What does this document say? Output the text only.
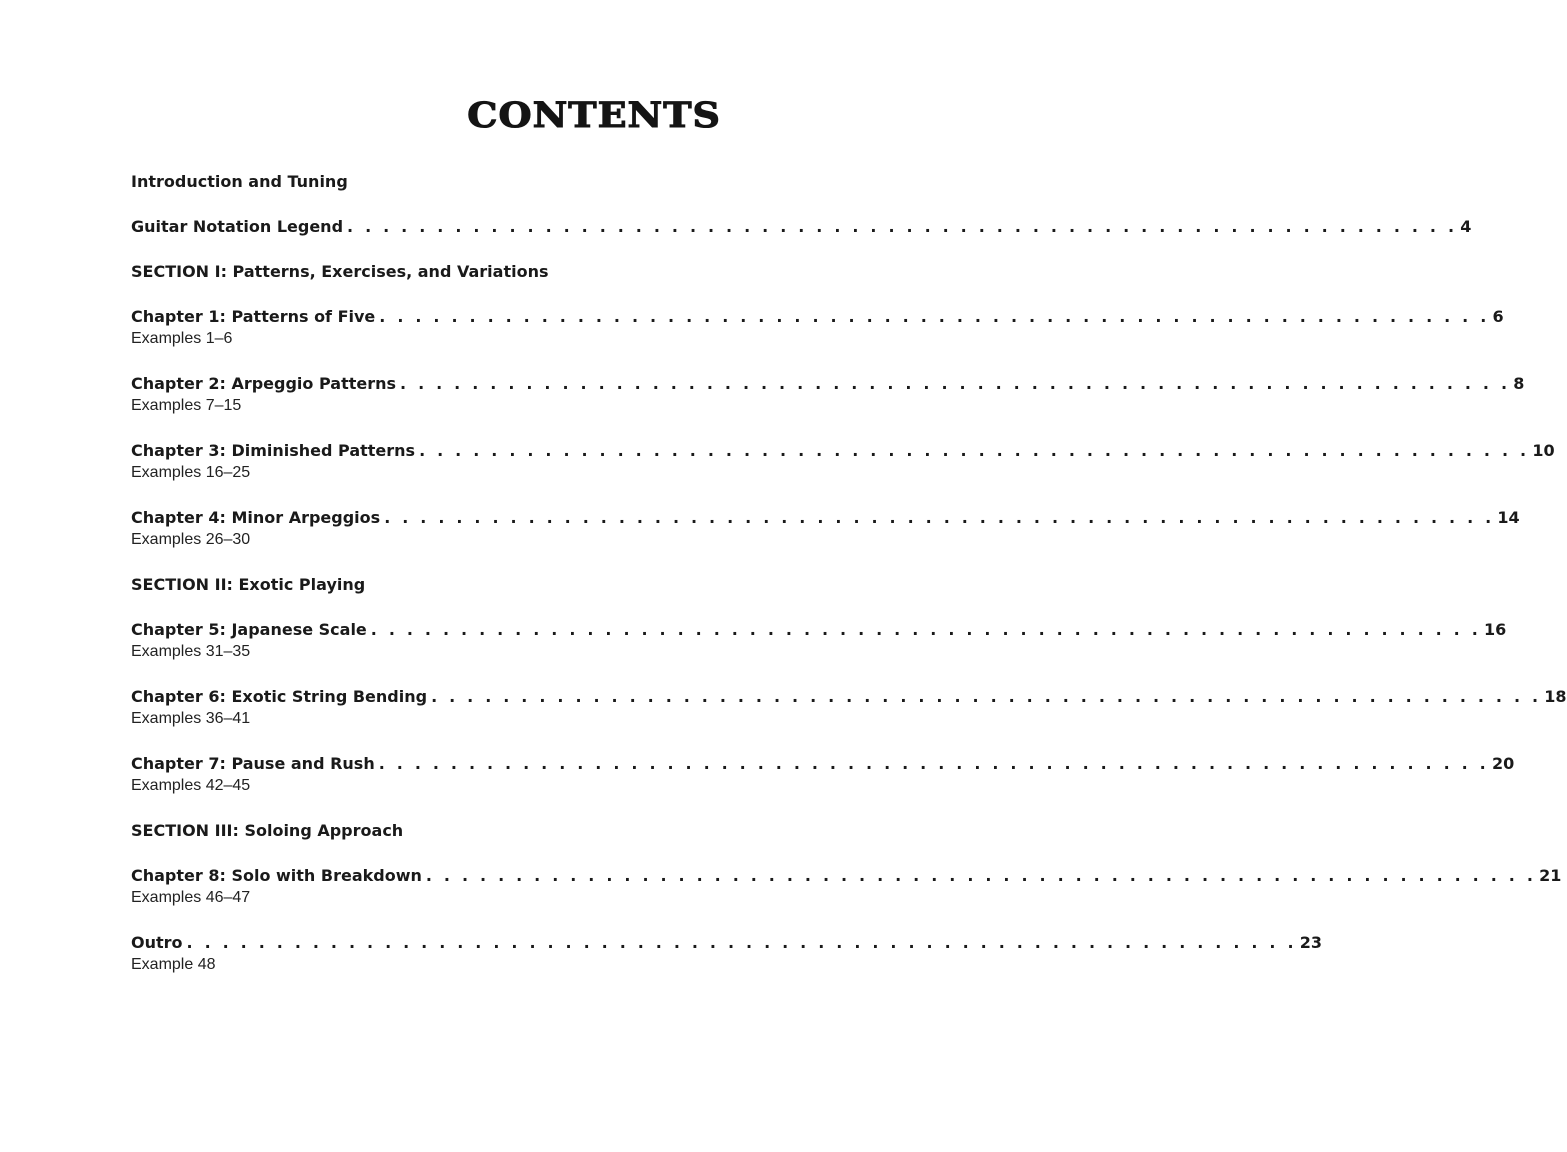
CONTENTS
Introduction and Tuning
Guitar Notation Legend . . . . . . . . . . . . . . . . . . . . . . . . . . . . . . . . . . . . . . . . . . . . . . . . . . . . . . . . . . . . . . 4
SECTION I: Patterns, Exercises, and Variations
Chapter 1: Patterns of Five . . . . . . . . . . . . . . . . . . . . . . . . . . . . . . . . . . . . . . . . . . . . . . . . . . . . . . . . . . . . . . 6
Examples 1–6
Chapter 2: Arpeggio Patterns . . . . . . . . . . . . . . . . . . . . . . . . . . . . . . . . . . . . . . . . . . . . . . . . . . . . . . . . . . . . . . 8
Examples 7–15
Chapter 3: Diminished Patterns . . . . . . . . . . . . . . . . . . . . . . . . . . . . . . . . . . . . . . . . . . . . . . . . . . . . . . . . . . . . . . 10
Examples 16–25
Chapter 4: Minor Arpeggios . . . . . . . . . . . . . . . . . . . . . . . . . . . . . . . . . . . . . . . . . . . . . . . . . . . . . . . . . . . . . . 14
Examples 26–30
SECTION II: Exotic Playing
Chapter 5: Japanese Scale . . . . . . . . . . . . . . . . . . . . . . . . . . . . . . . . . . . . . . . . . . . . . . . . . . . . . . . . . . . . . . 16
Examples 31–35
Chapter 6: Exotic String Bending . . . . . . . . . . . . . . . . . . . . . . . . . . . . . . . . . . . . . . . . . . . . . . . . . . . . . . . . . . . . . . 18
Examples 36–41
Chapter 7: Pause and Rush . . . . . . . . . . . . . . . . . . . . . . . . . . . . . . . . . . . . . . . . . . . . . . . . . . . . . . . . . . . . . . 20
Examples 42–45
SECTION III: Soloing Approach
Chapter 8: Solo with Breakdown . . . . . . . . . . . . . . . . . . . . . . . . . . . . . . . . . . . . . . . . . . . . . . . . . . . . . . . . . . . . . . 21
Examples 46–47
Outro . . . . . . . . . . . . . . . . . . . . . . . . . . . . . . . . . . . . . . . . . . . . . . . . . . . . . . . . . . . . . . 23
Example 48
